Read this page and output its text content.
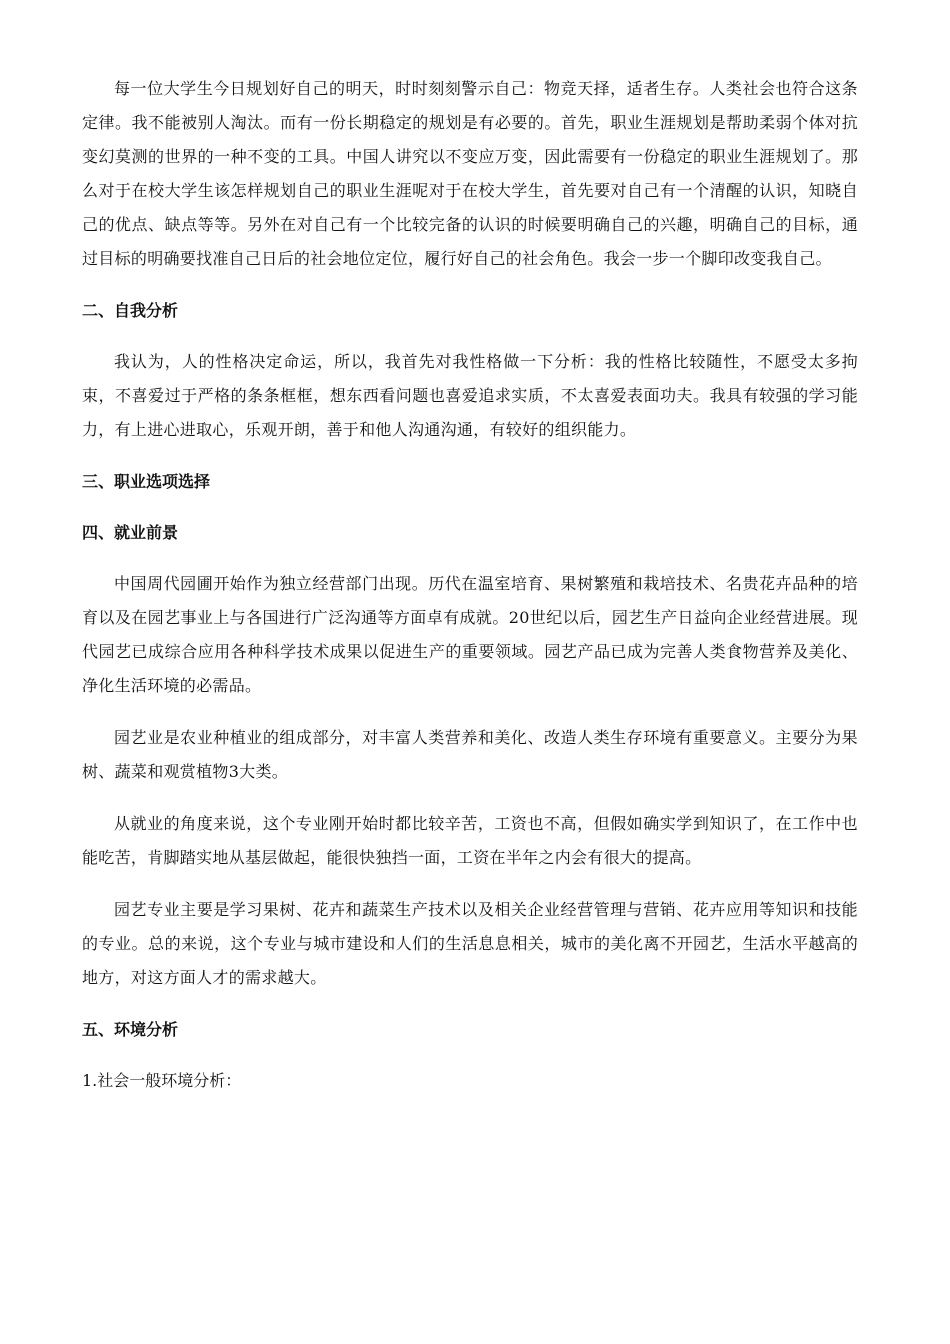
每一位大学生今日规划好自己的明天，时时刻刻警示自己：物竞天择，适者生存。人类社会也符合这条定律。我不能被别人淘汰。而有一份长期稳定的规划是有必要的。首先，职业生涯规划是帮助柔弱个体对抗变幻莫测的世界的一种不变的工具。中国人讲究以不变应万变，因此需要有一份稳定的职业生涯规划了。那么对于在校大学生该怎样规划自己的职业生涯呢对于在校大学生，首先要对自己有一个清醒的认识，知晓自己的优点、缺点等等。另外在对自己有一个比较完备的认识的时候要明确自己的兴趣，明确自己的目标，通过目标的明确要找准自己日后的社会地位定位，履行好自己的社会角色。我会一步一个脚印改变我自己。

二、自我分析

我认为，人的性格决定命运，所以，我首先对我性格做一下分析：我的性格比较随性，不愿受太多拘束，不喜爱过于严格的条条框框，想东西看问题也喜爱追求实质，不太喜爱表面功夫。我具有较强的学习能力，有上进心进取心，乐观开朗，善于和他人沟通沟通，有较好的组织能力。

三、职业选项选择

四、就业前景

中国周代园圃开始作为独立经营部门出现。历代在温室培育、果树繁殖和栽培技术、名贵花卉品种的培育以及在园艺事业上与各国进行广泛沟通等方面卓有成就。20世纪以后，园艺生产日益向企业经营进展。现代园艺已成综合应用各种科学技术成果以促进生产的重要领域。园艺产品已成为完善人类食物营养及美化、净化生活环境的必需品。

园艺业是农业种植业的组成部分，对丰富人类营养和美化、改造人类生存环境有重要意义。主要分为果树、蔬菜和观赏植物3大类。

从就业的角度来说，这个专业刚开始时都比较辛苦，工资也不高，但假如确实学到知识了，在工作中也能吃苦，肯脚踏实地从基层做起，能很快独挡一面，工资在半年之内会有很大的提高。

园艺专业主要是学习果树、花卉和蔬菜生产技术以及相关企业经营管理与营销、花卉应用等知识和技能的专业。总的来说，这个专业与城市建设和人们的生活息息相关，城市的美化离不开园艺，生活水平越高的地方，对这方面人才的需求越大。

五、环境分析

1.社会一般环境分析：
